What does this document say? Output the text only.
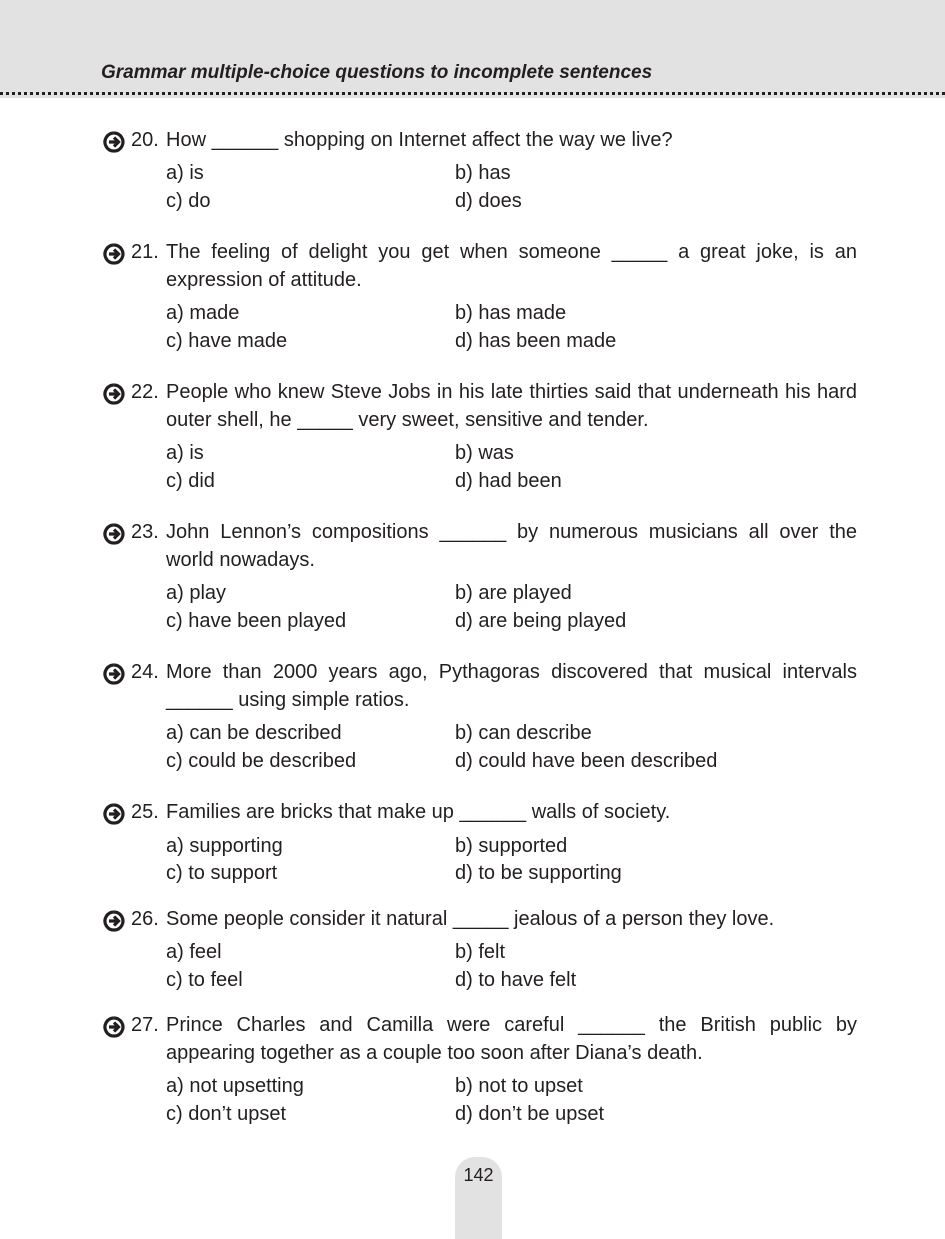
Grammar multiple-choice questions to incomplete sentences
20. How ______ shopping on Internet affect the way we live?
a) is	b) has
c) do	d) does
21. The feeling of delight you get when someone _____ a great joke, is an expression of attitude.
a) made	b) has made
c) have made	d) has been made
22. People who knew Steve Jobs in his late thirties said that underneath his hard outer shell, he _____ very sweet, sensitive and tender.
a) is	b) was
c) did	d) had been
23. John Lennon’s compositions ______ by numerous musicians all over the world nowadays.
a) play	b) are played
c) have been played	d) are being played
24. More than 2000 years ago, Pythagoras discovered that musical intervals ______ using simple ratios.
a) can be described	b) can describe
c) could be described	d) could have been described
25. Families are bricks that make up ______ walls of society.
a) supporting	b) supported
c) to support	d) to be supporting
26. Some people consider it natural _____ jealous of a person they love.
a) feel	b) felt
c) to feel	d) to have felt
27. Prince Charles and Camilla were careful ______ the British public by appearing together as a couple too soon after Diana’s death.
a) not upsetting	b) not to upset
c) don’t upset	d) don’t be upset
142
